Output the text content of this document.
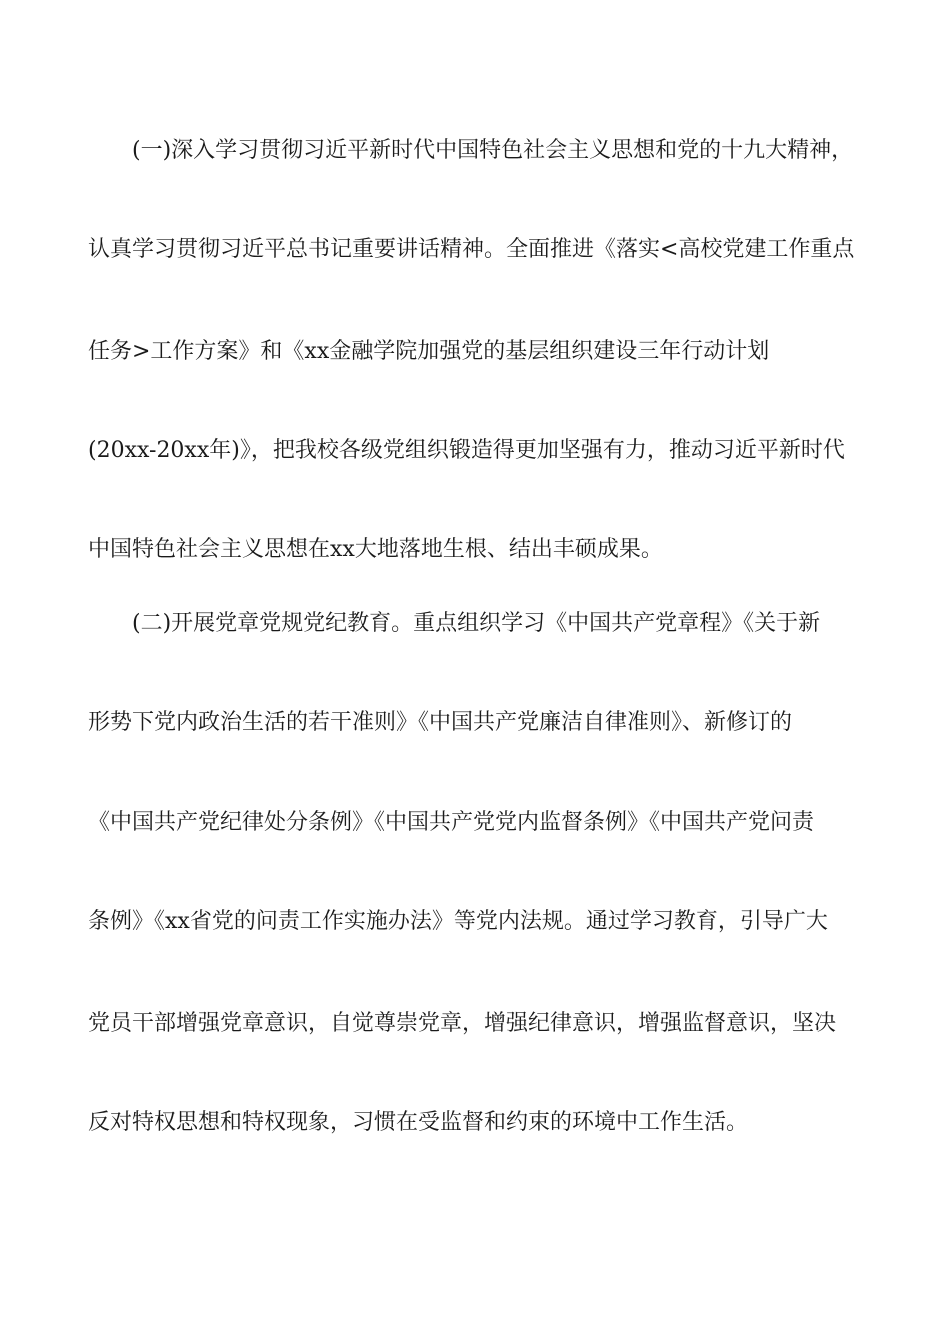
(一)深入学习贯彻习近平新时代中国特色社会主义思想和党的十九大精神，
认真学习贯彻习近平总书记重要讲话精神。全面推进《落实<高校党建工作重点
任务>工作方案》和《xx金融学院加强党的基层组织建设三年行动计划
(20xx-20xx年)》，把我校各级党组织锻造得更加坚强有力，推动习近平新时代
中国特色社会主义思想在xx大地落地生根、结出丰硕成果。
(二)开展党章党规党纪教育。重点组织学习《中国共产党章程》《关于新
形势下党内政治生活的若干准则》《中国共产党廉洁自律准则》、新修订的
《中国共产党纪律处分条例》《中国共产党党内监督条例》《中国共产党问责
条例》《xx省党的问责工作实施办法》等党内法规。通过学习教育，引导广大
党员干部增强党章意识，自觉尊崇党章，增强纪律意识，增强监督意识，坚决
反对特权思想和特权现象，习惯在受监督和约束的环境中工作生活。
